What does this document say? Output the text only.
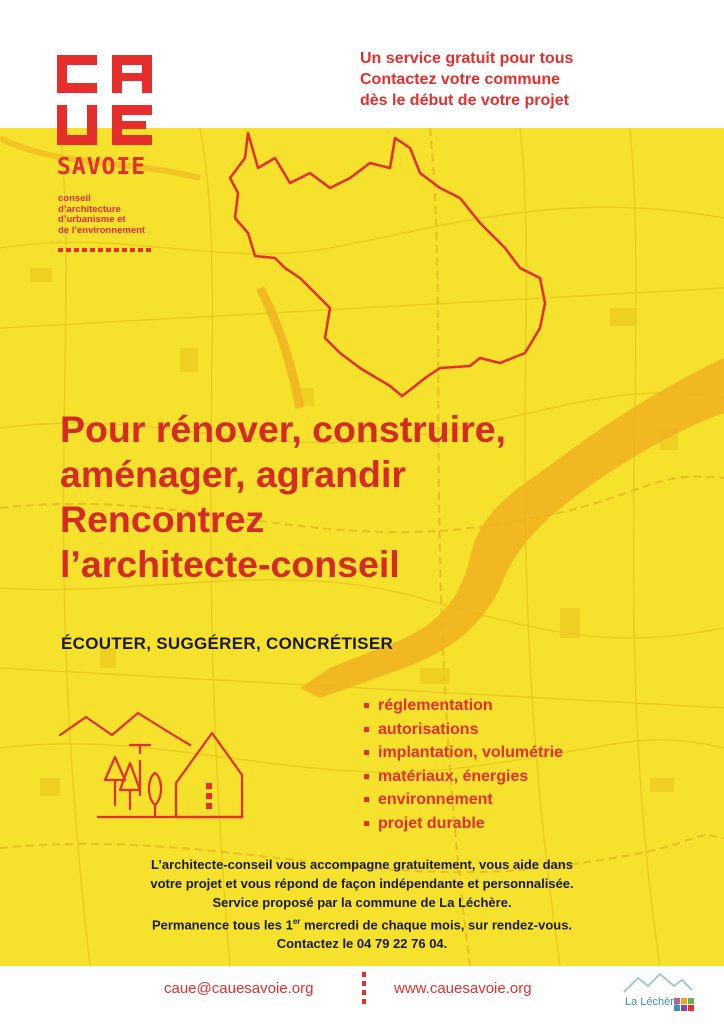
SAVOIE
conseil
d’architecture
d’urbanisme et
de l’environnement
Un service gratuit pour tous
Contactez votre commune
dès le début de votre projet
Pour rénover, construire,
aménager, agrandir
Rencontrez
l’architecte-conseil
ÉCOUTER, SUGGÉRER, CONCRÉTISER
réglementation
autorisations
implantation, volumétrie
matériaux, énergies
environnement
projet durable
L’architecte-conseil vous accompagne gratuitement, vous aide dans
votre projet et vous répond de façon indépendante et personnalisée.
Service proposé par la commune de La Léchère.
Permanence tous les 1er mercredi de chaque mois, sur rendez-vous.
Contactez le 04 79 22 76 04.
caue@cauesavoie.org	www.cauesavoie.org
La Léchère
